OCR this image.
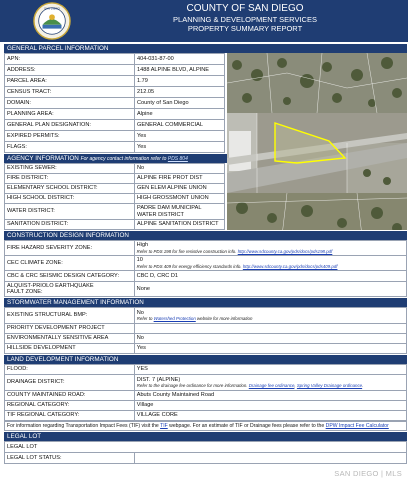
SAN DIEGO	COUNTY OF SAN DIEGO
PLANNING & DEVELOPMENT SERVICES
PROPERTY SUMMARY REPORT
GENERAL PARCEL INFORMATION
APN:	404-031-87-00
ADDRESS:	1488 ALPINE BLVD, ALPINE
PARCEL AREA:	1.79
CENSUS TRACT:	212.05
DOMAIN:	County of San Diego
PLANNING AREA:	Alpine
GENERAL PLAN DESIGNATION:	GENERAL COMMERCIAL
EXPIRED PERMITS:	Yes
FLAGS:	Yes
AGENCY INFORMATION For agency contact information refer to PDS 804
EXISTING SEWER:	No
FIRE DISTRICT:	ALPINE FIRE PROT DIST
ELEMENTARY SCHOOL DISTRICT:	GEN ELEM ALPINE UNION
HIGH SCHOOL DISTRICT:	HIGH GROSSMONT UNION
WATER DISTRICT:	PADRE DAM MUNICIPAL WATER DISTRICT
SANITATION DISTRICT:	ALPINE SANITATION DISTRICT
CONSTRUCTION DESIGN INFORMATION
FIRE HAZARD SEVERITY ZONE:	High
Refer to PDS 198 for fire resistive construction info. http://www.sdcounty.ca.gov/pds/docs/pds198.pdf

CEC CLIMATE ZONE:	10
Refer to PDS 409 for energy efficiency standards info. http://www.sdcounty.ca.gov/pds/docs/pds409.pdf

CBC & CRC SEISMIC DESIGN CATEGORY:	CBC D, CRC D1

ALQUIST-PRIOLO EARTHQUAKE
FAULT ZONE:	None
STORMWATER MANAGEMENT INFORMATION
EXISTING STRUCTURAL BMP:	No
Refer to Watershed Protection website for more information

PRIORITY DEVELOPMENT PROJECT	
ENVIRONMENTALLY SENSITIVE AREA	No
HILLSIDE DEVELOPMENT	Yes
LAND DEVELOPMENT INFORMATION
FLOOD:	YES
DRAINAGE DISTRICT:	DIST. 7 (ALPINE)
Refer to the drainage fee ordinance for more information. Drainage fee ordinance, Spring Valley Drainage ordinance.

COUNTY MAINTAINED ROAD:	Abuts County Maintained Road
REGIONAL CATEGORY:	Village
TIF REGIONAL CATEGORY:	VILLAGE CORE
For information regarding Transportation Impact Fees (TIF) visit the TIF webpage. For an estimate of TIF or Drainage fees please refer to the DPW Impact Fee Calculator
LEGAL LOT
LEGAL LOT
LEGAL LOT STATUS:	
SAN DIEGO | MLS
